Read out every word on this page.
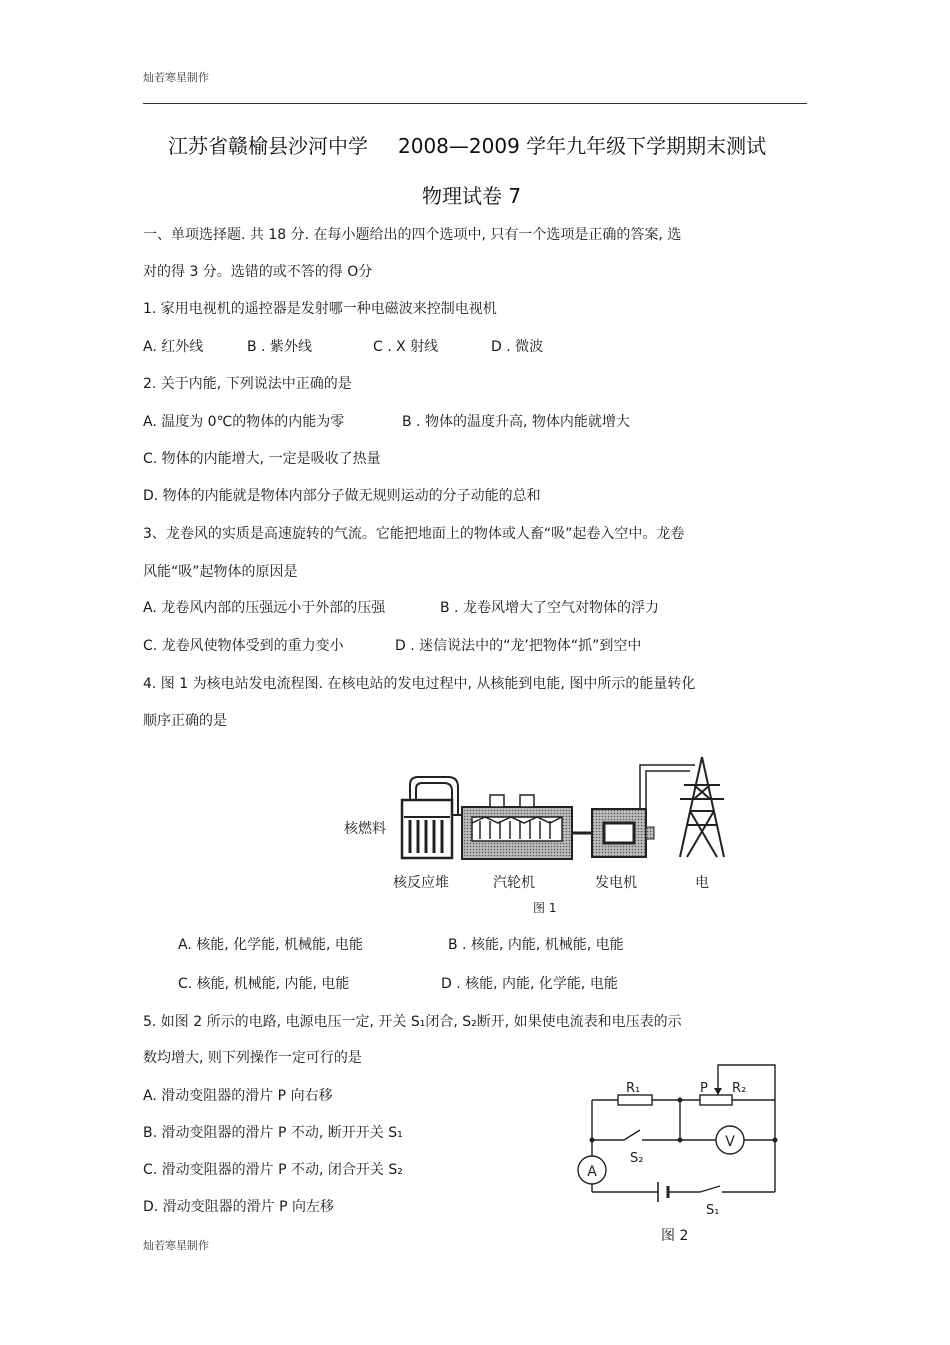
灿若寒星制作
江苏省赣榆县沙河中学 2008—2009 学年九年级下学期期末测试
物理试卷 7
一、单项选择题. 共 18 分. 在每小题给出的四个选项中, 只有一个选项是正确的答案, 选
对的得 3 分。选错的或不答的得 O分
1. 家用电视机的遥控器是发射哪一种电磁波来控制电视机
A. 红外线	B . 紫外线	C . X 射线	D . 微波
2. 关于内能, 下列说法中正确的是
A. 温度为 0℃的物体的内能为零	B . 物体的温度升高, 物体内能就增大
C. 物体的内能增大, 一定是吸收了热量
D. 物体的内能就是物体内部分子做无规则运动的分子动能的总和
3、龙卷风的实质是高速旋转的气流。它能把地面上的物体或人畜“吸”起卷入空中。龙卷
风能“吸”起物体的原因是
A. 龙卷风内部的压强远小于外部的压强	B . 龙卷风增大了空气对物体的浮力
C. 龙卷风使物体受到的重力变小	D . 迷信说法中的“龙’把物体“抓”到空中
4. 图 1 为核电站发电流程图. 在核电站的发电过程中, 从核能到电能, 图中所示的能量转化
顺序正确的是
核燃料
核反应堆	汽轮机	发电机	电
图 1
A. 核能, 化学能, 机械能, 电能	B . 核能, 内能, 机械能, 电能
C. 核能, 机械能, 内能, 电能	D . 核能, 内能, 化学能, 电能
5. 如图 2 所示的电路, 电源电压一定, 开关 S₁闭合, S₂断开, 如果使电流表和电压表的示
数均增大, 则下列操作一定可行的是
A. 滑动变阻器的滑片 P 向右移
B. 滑动变阻器的滑片 P 不动, 断开开关 S₁
C. 滑动变阻器的滑片 P 不动, 闭合开关 S₂
D. 滑动变阻器的滑片 P 向左移
V
A
R₁	P R₂
S₂
S₁
图 2
灿若寒星制作
